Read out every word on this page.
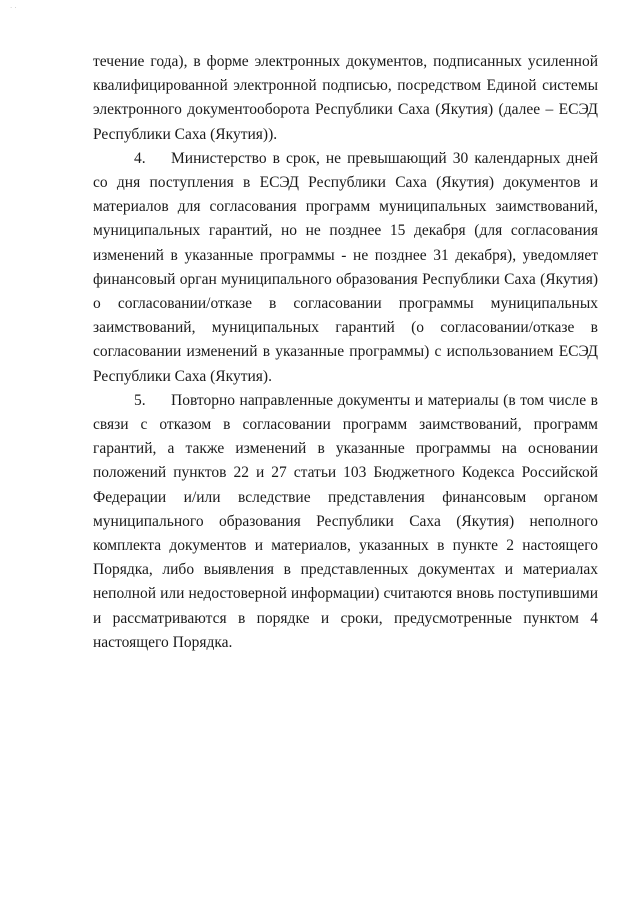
· ·

течение года), в форме электронных документов, подписанных усиленной квалифицированной электронной подписью, посредством Единой системы электронного документооборота Республики Саха (Якутия) (далее – ЕСЭД Республики Саха (Якутия)).

4. Министерство в срок, не превышающий 30 календарных дней со дня поступления в ЕСЭД Республики Саха (Якутия) документов и материалов для согласования программ муниципальных заимствований, муниципальных гарантий, но не позднее 15 декабря (для согласования изменений в указанные программы - не позднее 31 декабря), уведомляет финансовый орган муниципального образования Республики Саха (Якутия) о согласовании/отказе в согласовании программы муниципальных заимствований, муниципальных гарантий (о согласовании/отказе в согласовании изменений в указанные программы) с использованием ЕСЭД Республики Саха (Якутия).

5. Повторно направленные документы и материалы (в том числе в связи с отказом в согласовании программ заимствований, программ гарантий, а также изменений в указанные программы на основании положений пунктов 22 и 27 статьи 103 Бюджетного Кодекса Российской Федерации и/или вследствие представления финансовым органом муниципального образования Республики Саха (Якутия) неполного комплекта документов и материалов, указанных в пункте 2 настоящего Порядка, либо выявления в представленных документах и материалах неполной или недостоверной информации) считаются вновь поступившими и рассматриваются в порядке и сроки, предусмотренные пунктом 4 настоящего Порядка.
